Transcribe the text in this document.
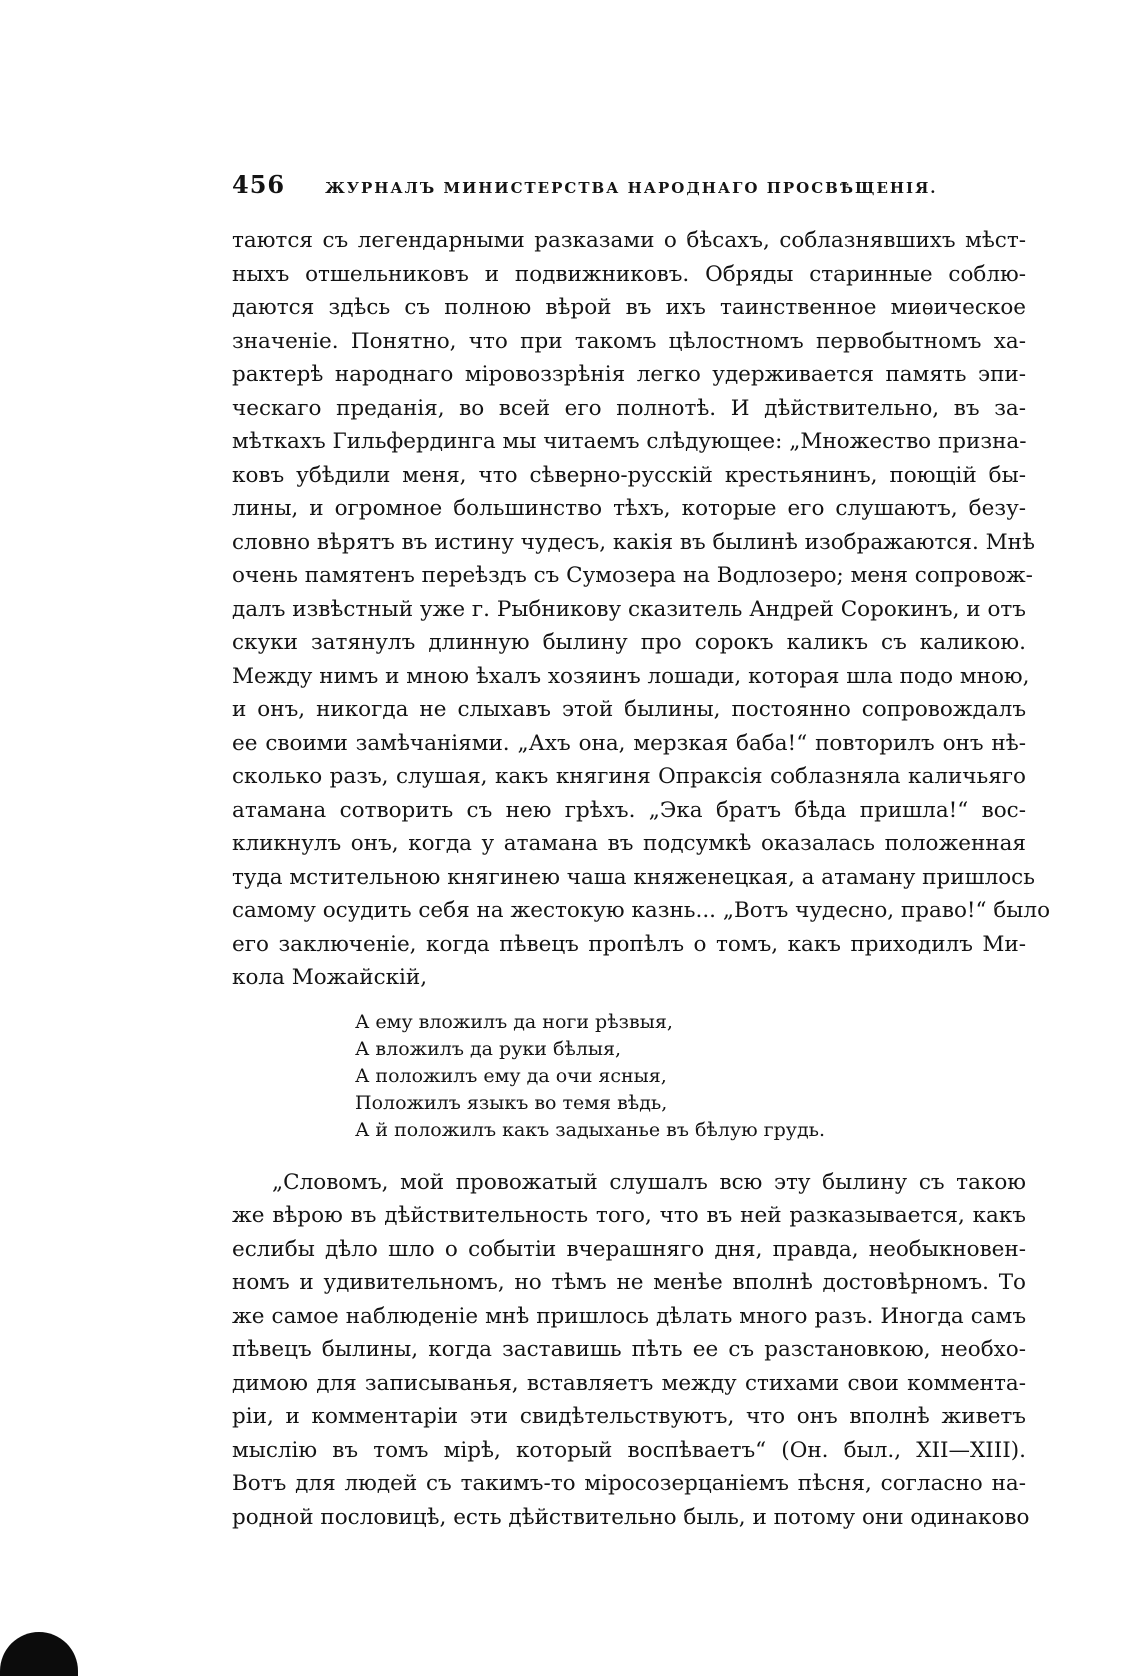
456	ЖУРНАЛЪ МИНИСТЕРСТВА НАРОДНАГО ПРОСВѢЩЕНІЯ.
таются съ легендарными разказами о бѣсахъ, соблазнявшихъ мѣст-
ныхъ отшельниковъ и подвижниковъ. Обряды старинные соблю-
даются здѣсь съ полною вѣрой въ ихъ таинственное миѳическое
значеніе. Понятно, что при такомъ цѣлостномъ первобытномъ ха-
рактерѣ народнаго міровоззрѣнія легко удерживается память эпи-
ческаго преданія, во всей его полнотѣ. И дѣйствительно, въ за-
мѣткахъ Гильфердинга мы читаемъ слѣдующее: „Множество призна-
ковъ убѣдили меня, что сѣверно-русскій крестьянинъ, поющій бы-
лины, и огромное большинство тѣхъ, которые его слушаютъ, безу-
словно вѣрятъ въ истину чудесъ, какія въ былинѣ изображаются. Мнѣ
очень памятенъ переѣздъ съ Сумозера на Водлозеро; меня сопровож-
далъ извѣстный уже г. Рыбникову сказитель Андрей Сорокинъ, и отъ
скуки затянулъ длинную былину про сорокъ каликъ съ каликою.
Между нимъ и мною ѣхалъ хозяинъ лошади, которая шла подо мною,
и онъ, никогда не слыхавъ этой былины, постоянно сопровождалъ
ее своими замѣчаніями. „Ахъ она, мерзкая баба!“ повторилъ онъ нѣ-
сколько разъ, слушая, какъ княгиня Опраксія соблазняла каличьяго
атамана сотворить съ нею грѣхъ. „Эка братъ бѣда пришла!“ вос-
кликнулъ онъ, когда у атамана въ подсумкѣ оказалась положенная
туда мстительною княгинею чаша княженецкая, а атаману пришлось
самому осудить себя на жестокую казнь... „Вотъ чудесно, право!“ было
его заключеніе, когда пѣвецъ пропѣлъ о томъ, какъ приходилъ Ми-
кола Можайскій,
А ему вложилъ да ноги рѣзвыя,
А вложилъ да руки бѣлыя,
А положилъ ему да очи ясныя,
Положилъ языкъ во темя вѣдь,
А й положилъ какъ задыханье въ бѣлую грудь.
„Словомъ, мой провожатый слушалъ всю эту былину съ такою
же вѣрою въ дѣйствительность того, что въ ней разказывается, какъ
еслибы дѣло шло о событіи вчерашняго дня, правда, необыкновен-
номъ и удивительномъ, но тѣмъ не менѣе вполнѣ достовѣрномъ. То
же самое наблюденіе мнѣ пришлось дѣлать много разъ. Иногда самъ
пѣвецъ былины, когда заставишь пѣть ее съ разстановкою, необхо-
димою для записыванья, вставляетъ между стихами свои коммента-
ріи, и комментаріи эти свидѣтельствуютъ, что онъ вполнѣ живетъ
мыслію въ томъ мірѣ, который воспѣваетъ“ (Он. был., XII—XIII).
Вотъ для людей съ такимъ-то міросозерцаніемъ пѣсня, согласно на-
родной пословицѣ, есть дѣйствительно быль, и потому они одинаково
